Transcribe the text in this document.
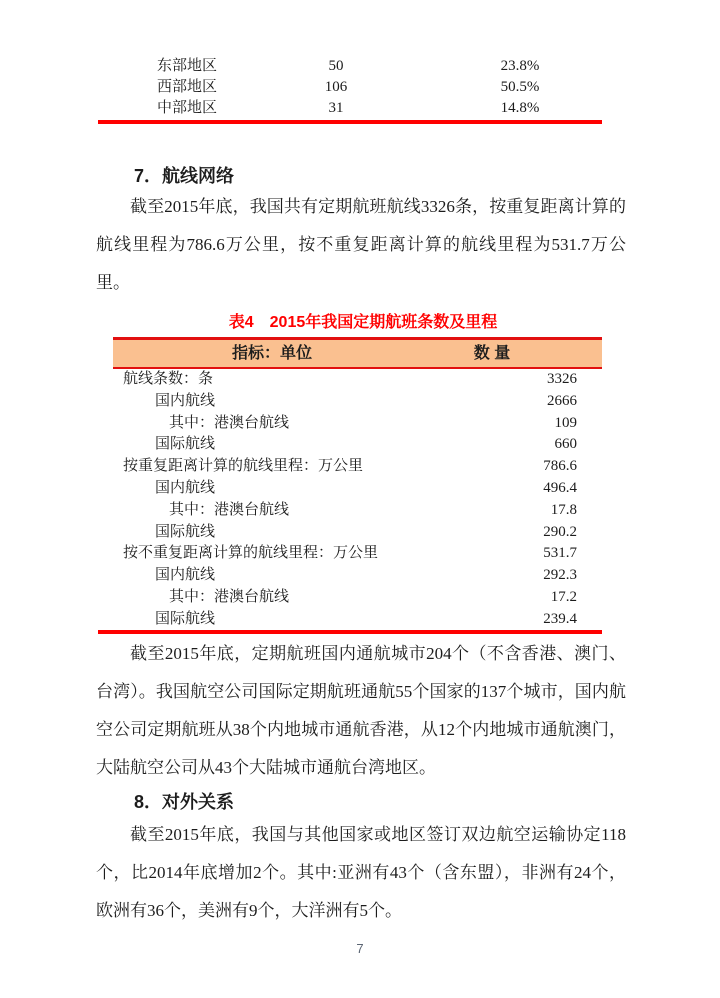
东部地区	50	23.8%
西部地区	106	50.5%
中部地区	31	14.8%
7．航线网络

截至2015年底，我国共有定期航班航线3326条，按重复距离计算的航线里程为786.6万公里，按不重复距离计算的航线里程为531.7万公里。

表4　2015年我国定期航班条数及里程

指标：单位	数 量
航线条数：条	3326
国内航线	2666
其中：港澳台航线	109
国际航线	660
按重复距离计算的航线里程：万公里	786.6
国内航线	496.4
其中：港澳台航线	17.8
国际航线	290.2
按不重复距离计算的航线里程：万公里	531.7
国内航线	292.3
其中：港澳台航线	17.2
国际航线	239.4

截至2015年底，定期航班国内通航城市204个（不含香港、澳门、台湾）。我国航空公司国际定期航班通航55个国家的137个城市，国内航空公司定期航班从38个内地城市通航香港，从12个内地城市通航澳门，大陆航空公司从43个大陆城市通航台湾地区。

8．对外关系

截至2015年底，我国与其他国家或地区签订双边航空运输协定118个，比2014年底增加2个。其中:亚洲有43个（含东盟），非洲有24个，欧洲有36个，美洲有9个，大洋洲有5个。

7
